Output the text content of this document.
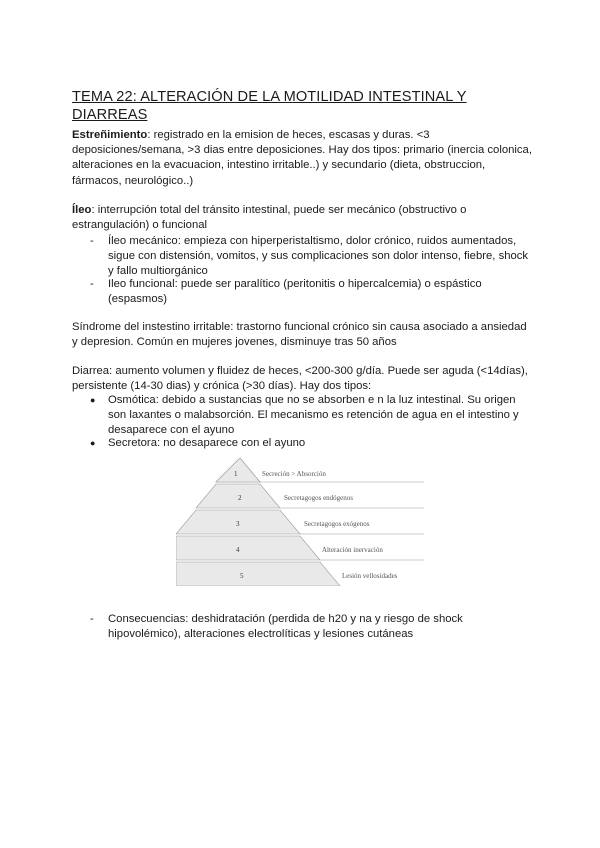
TEMA 22: ALTERACIÓN DE LA MOTILIDAD INTESTINAL Y DIARREAS
Estreñimiento: registrado en la emision de heces, escasas y duras. <3 deposiciones/semana, >3 dias entre deposiciones. Hay dos tipos: primario (inercia colonica, alteraciones en la evacuacion, intestino irritable..) y secundario (dieta, obstruccion, fármacos, neurológico..)
Íleo: interrupción total del tránsito intestinal, puede ser mecánico (obstructivo o estrangulación) o funcional
- Íleo mecánico: empieza con hiperperistaltismo, dolor crónico, ruidos aumentados, sigue con distensión, vomitos, y sus complicaciones son dolor intenso, fiebre, shock y fallo multiorgánico
- Ileo funcional: puede ser paralítico (peritonitis o hipercalcemia) o espástico (espasmos)
Síndrome del instestino irritable: trastorno funcional crónico sin causa asociado a ansiedad y depresion. Común en mujeres jovenes, disminuye tras 50 años
Diarrea: aumento volumen y fluidez de heces, <200-300 g/día. Puede ser aguda (<14días), persistente (14-30 dias) y crónica (>30 días). Hay dos tipos:
● Osmótica: debido a sustancias que no se absorben e n la luz intestinal. Su origen son laxantes o malabsorción. El mecanismo es retención de agua en el intestino y desaparece con el ayuno
● Secretora: no desaparece con el ayuno
1
2
3
4
5
Secreción > Absorción
Secretagogos endógenos
Secretagogos exógenos
Alteración inervación
Lesión vellosidades
- Consecuencias: deshidratación (perdida de h20 y na y riesgo de shock hipovolémico), alteraciones electrolíticas y lesiones cutáneas
